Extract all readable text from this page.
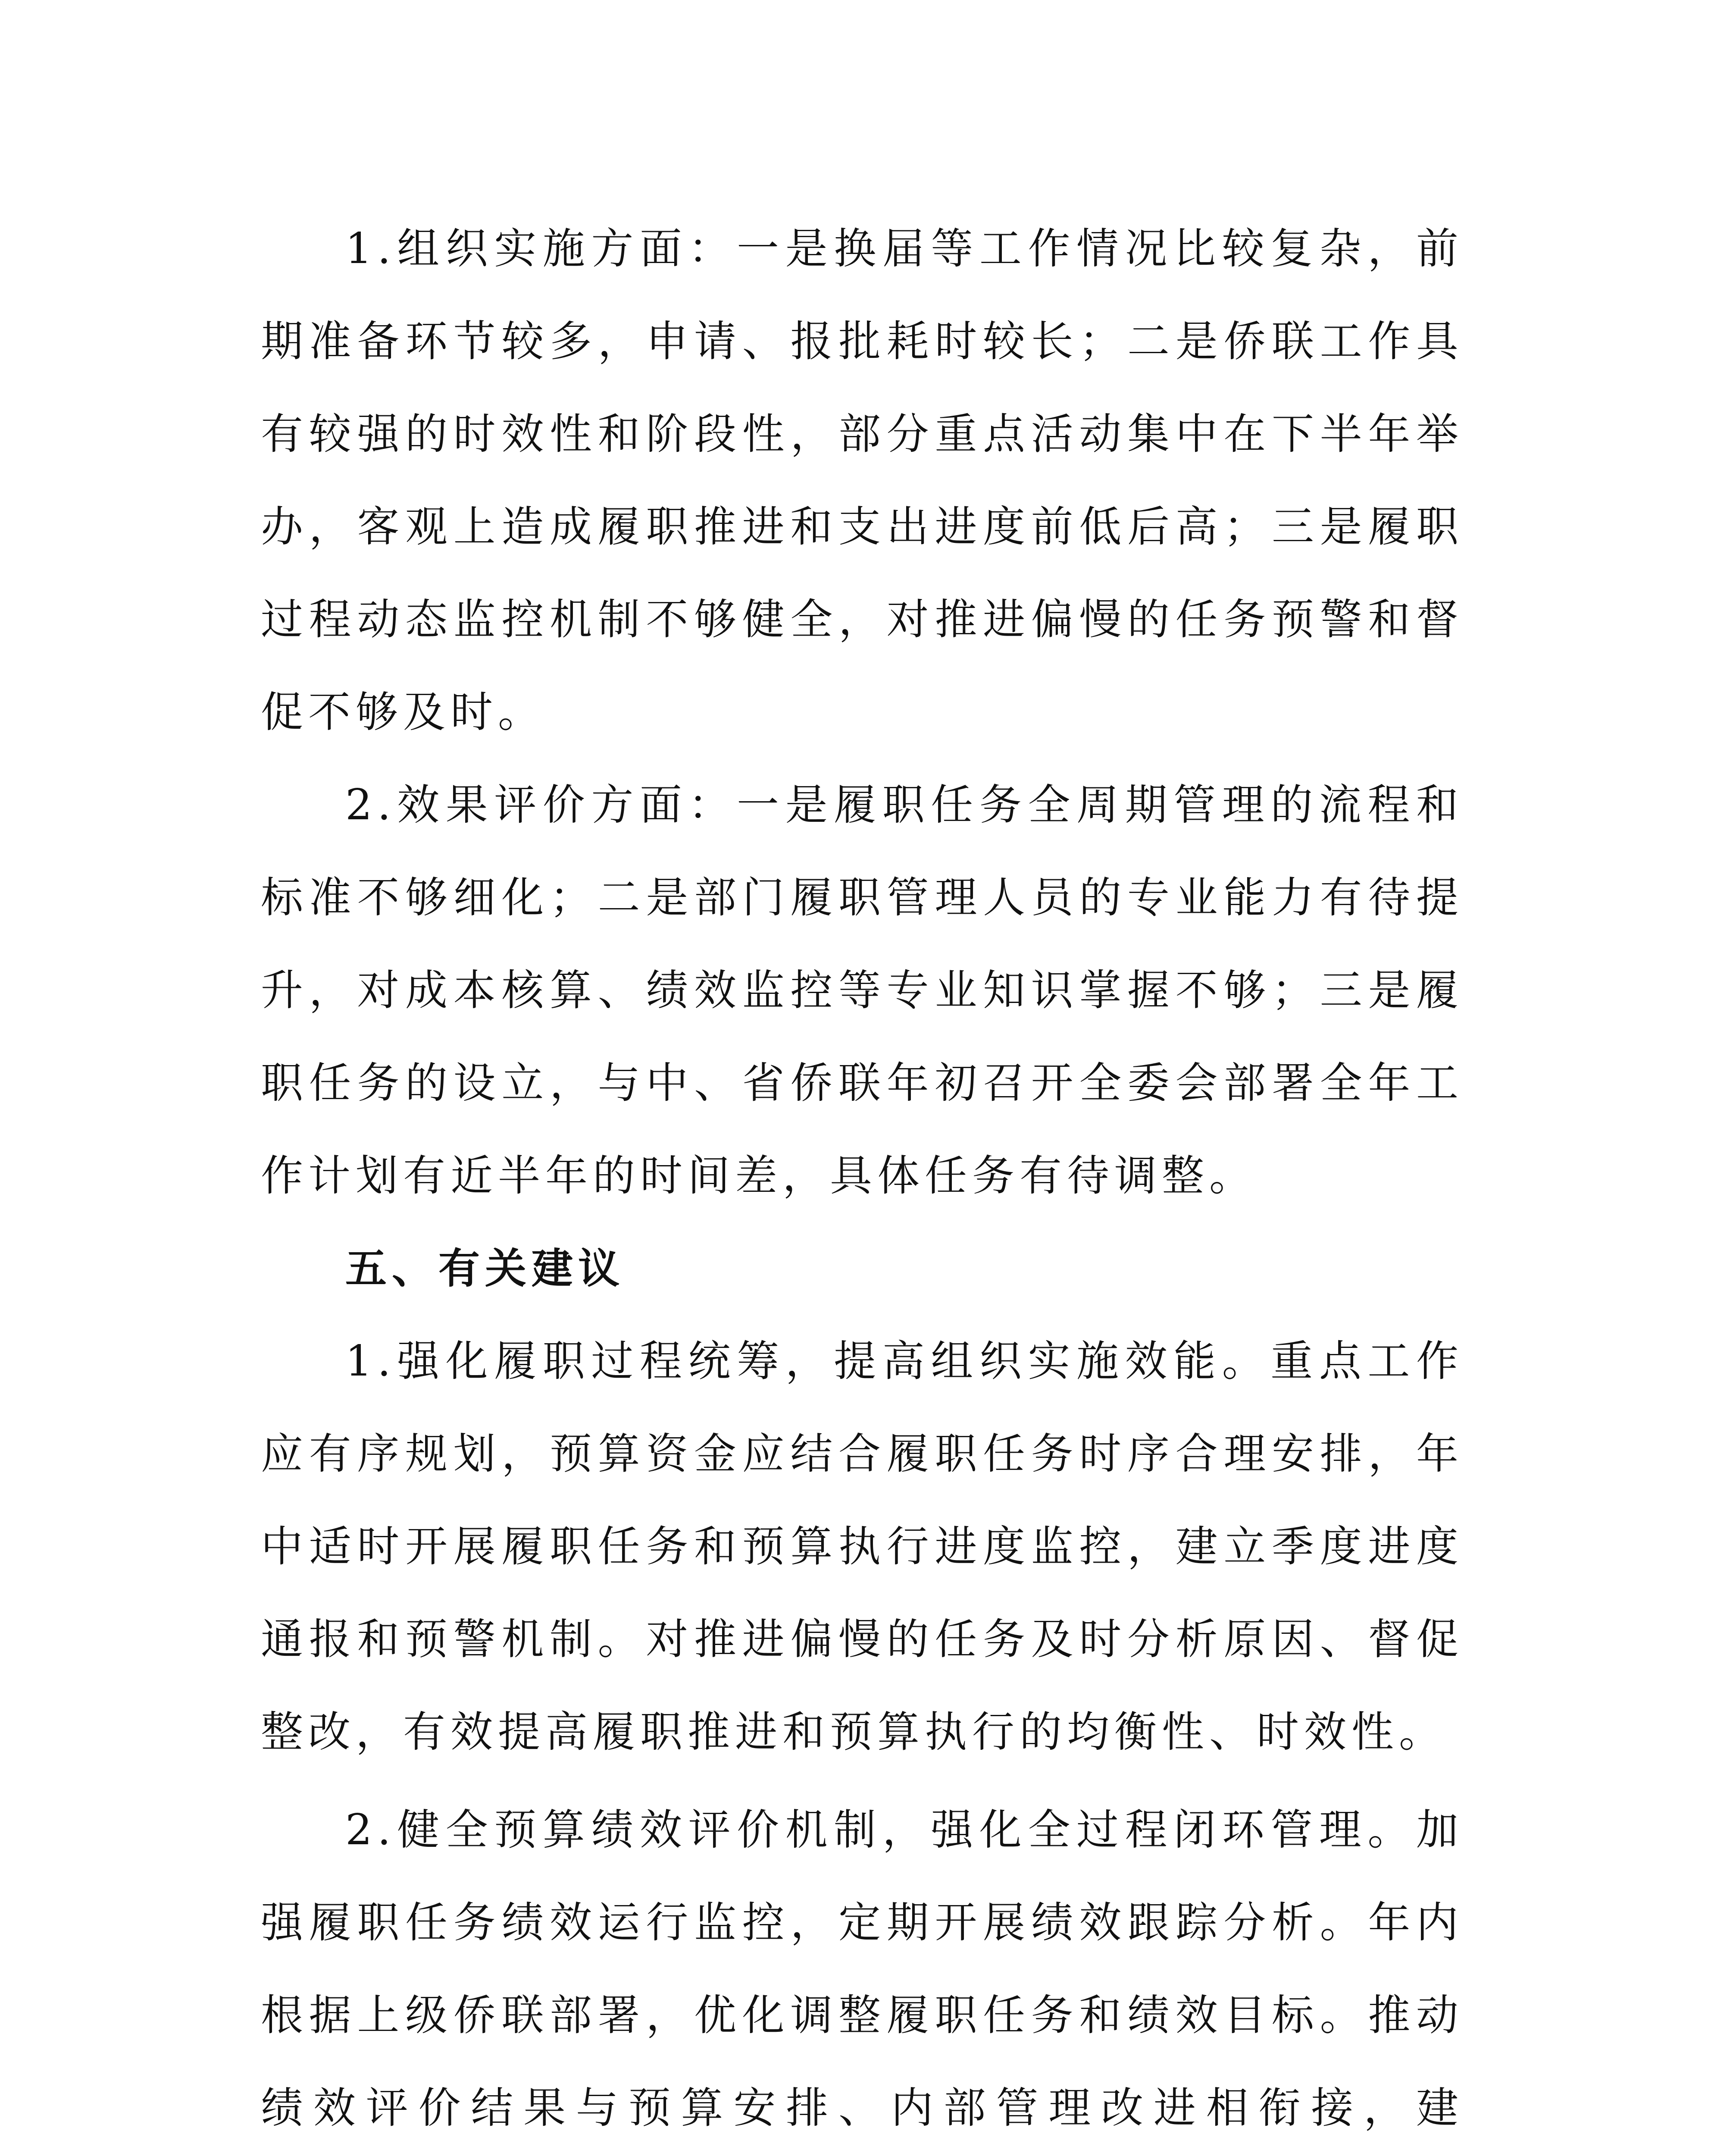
1.组织实施方面：一是换届等工作情况比较复杂，前期准备环节较多，申请、报批耗时较长；二是侨联工作具有较强的时效性和阶段性，部分重点活动集中在下半年举办，客观上造成履职推进和支出进度前低后高；三是履职过程动态监控机制不够健全，对推进偏慢的任务预警和督促不够及时。

2.效果评价方面：一是履职任务全周期管理的流程和标准不够细化；二是部门履职管理人员的专业能力有待提升，对成本核算、绩效监控等专业知识掌握不够；三是履职任务的设立，与中、省侨联年初召开全委会部署全年工作计划有近半年的时间差，具体任务有待调整。

五、有关建议

1.强化履职过程统筹，提高组织实施效能。重点工作应有序规划，预算资金应结合履职任务时序合理安排，年中适时开展履职任务和预算执行进度监控，建立季度进度通报和预警机制。对推进偏慢的任务及时分析原因、督促整改，有效提高履职推进和预算执行的均衡性、时效性。

2.健全预算绩效评价机制，强化全过程闭环管理。加强履职任务绩效运行监控，定期开展绩效跟踪分析。年内根据上级侨联部署，优化调整履职任务和绩效目标。推动绩效评价结果与预算安排、内部管理改进相衔接，建
